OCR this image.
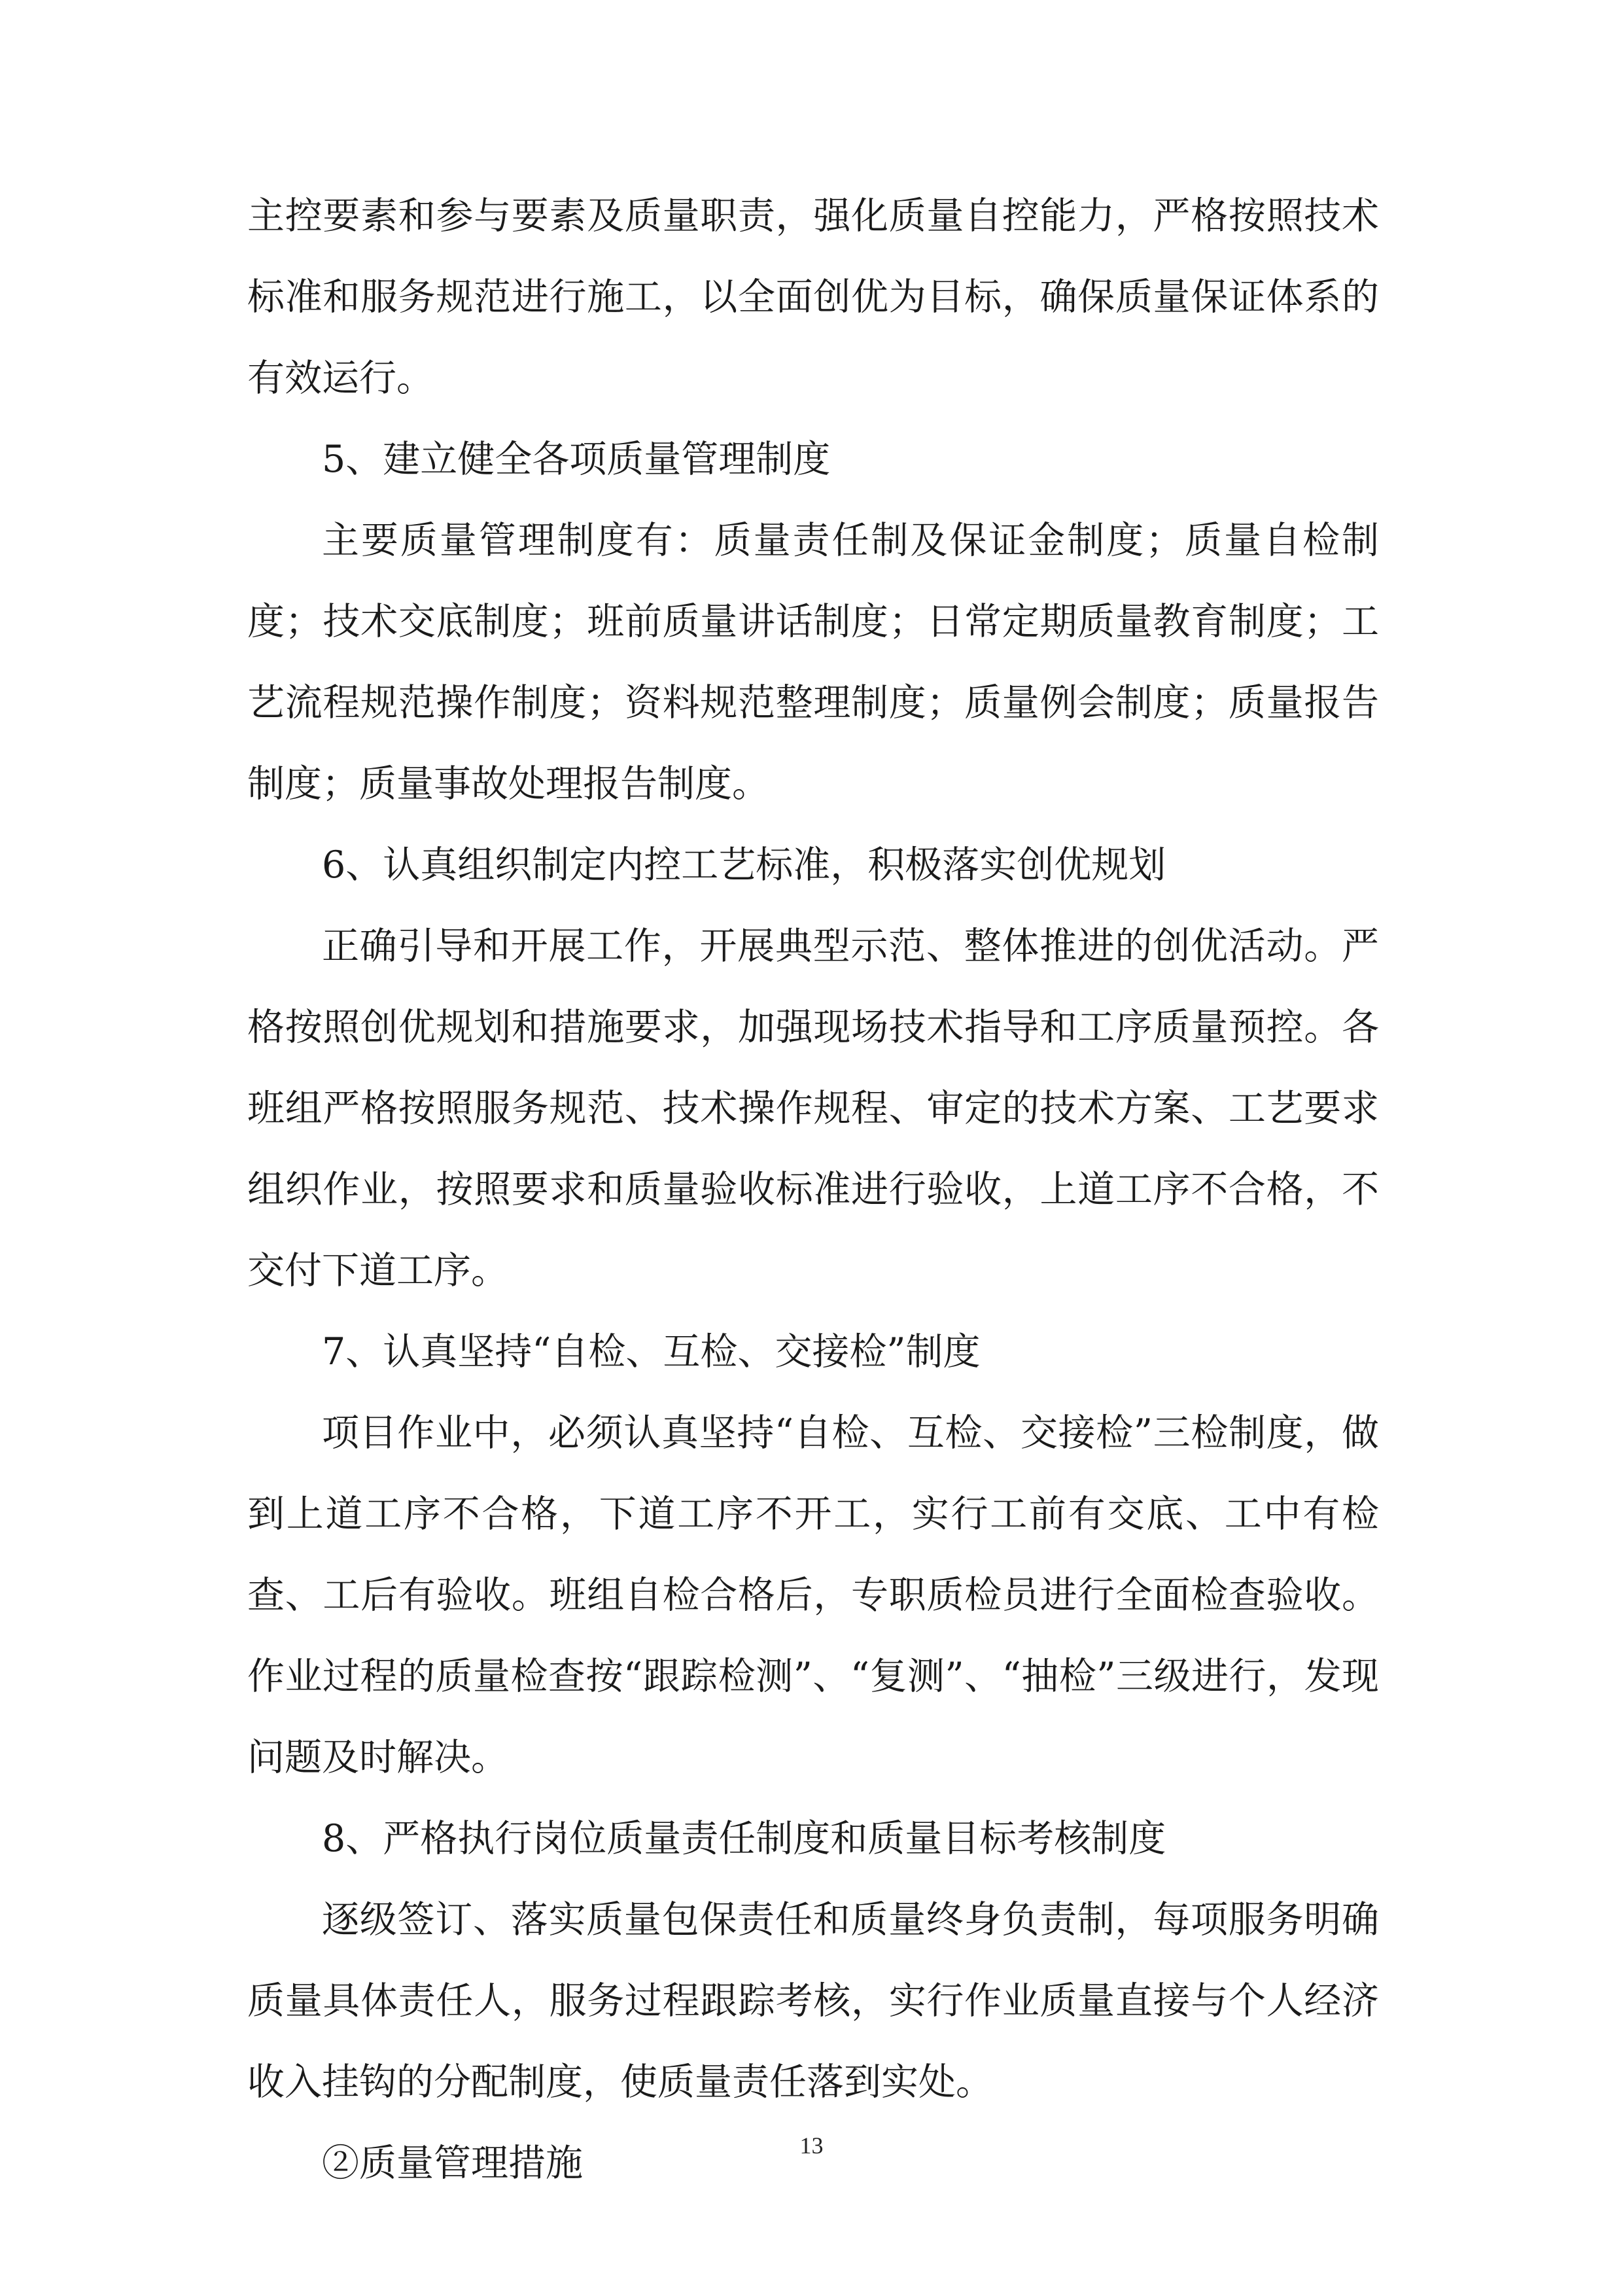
主控要素和参与要素及质量职责，强化质量自控能力，严格按照技术标准和服务规范进行施工，以全面创优为目标，确保质量保证体系的有效运行。

5、建立健全各项质量管理制度

主要质量管理制度有：质量责任制及保证金制度；质量自检制度；技术交底制度；班前质量讲话制度；日常定期质量教育制度；工艺流程规范操作制度；资料规范整理制度；质量例会制度；质量报告制度；质量事故处理报告制度。

6、认真组织制定内控工艺标准，积极落实创优规划

正确引导和开展工作，开展典型示范、整体推进的创优活动。严格按照创优规划和措施要求，加强现场技术指导和工序质量预控。各班组严格按照服务规范、技术操作规程、审定的技术方案、工艺要求组织作业，按照要求和质量验收标准进行验收，上道工序不合格，不交付下道工序。

7、认真坚持“自检、互检、交接检”制度

项目作业中，必须认真坚持“自检、互检、交接检”三检制度，做到上道工序不合格，下道工序不开工，实行工前有交底、工中有检查、工后有验收。班组自检合格后，专职质检员进行全面检查验收。作业过程的质量检查按“跟踪检测”、“复测”、“抽检”三级进行，发现问题及时解决。

8、严格执行岗位质量责任制度和质量目标考核制度

逐级签订、落实质量包保责任和质量终身负责制，每项服务明确质量具体责任人，服务过程跟踪考核，实行作业质量直接与个人经济收入挂钩的分配制度，使质量责任落到实处。

②质量管理措施	13
